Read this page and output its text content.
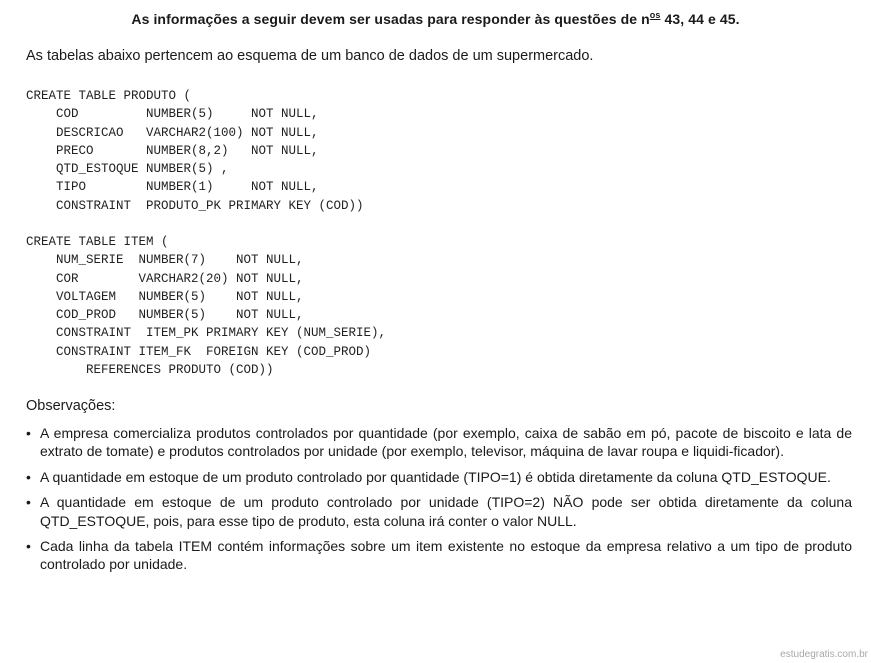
As informações a seguir devem ser usadas para responder às questões de $n^{os}$ 43, 44 e 45.
As tabelas abaixo pertencem ao esquema de um banco de dados de um supermercado.
CREATE TABLE PRODUTO (
COD         NUMBER(5)     NOT NULL,
DESCRICAO   VARCHAR2(100) NOT NULL,
PRECO       NUMBER(8,2)   NOT NULL,
QTD_ESTOQUE NUMBER(5) ,
TIPO        NUMBER(1)     NOT NULL,
CONSTRAINT  PRODUTO_PK PRIMARY KEY (COD))
CREATE TABLE ITEM (
NUM_SERIE  NUMBER(7)    NOT NULL,
COR        VARCHAR2(20) NOT NULL,
VOLTAGEM   NUMBER(5)    NOT NULL,
COD_PROD   NUMBER(5)    NOT NULL,
CONSTRAINT  ITEM_PK PRIMARY KEY (NUM_SERIE),
CONSTRAINT ITEM_FK  FOREIGN KEY (COD_PROD)
REFERENCES PRODUTO (COD))
Observações:
• A empresa comercializa produtos controlados por quantidade (por exemplo, caixa de sabão em pó, pacote de biscoito e lata de extrato de tomate) e produtos controlados por unidade (por exemplo, televisor, máquina de lavar roupa e liquidi-ficador).
• A quantidade em estoque de um produto controlado por quantidade (TIPO=1) é obtida diretamente da coluna QTD_ESTOQUE.
• A quantidade em estoque de um produto controlado por unidade (TIPO=2) NÃO pode ser obtida diretamente da coluna QTD_ESTOQUE, pois, para esse tipo de produto, esta coluna irá conter o valor NULL.
• Cada linha da tabela ITEM contém informações sobre um item existente no estoque da empresa relativo a um tipo de produto controlado por unidade.
estudegratis.com.br
